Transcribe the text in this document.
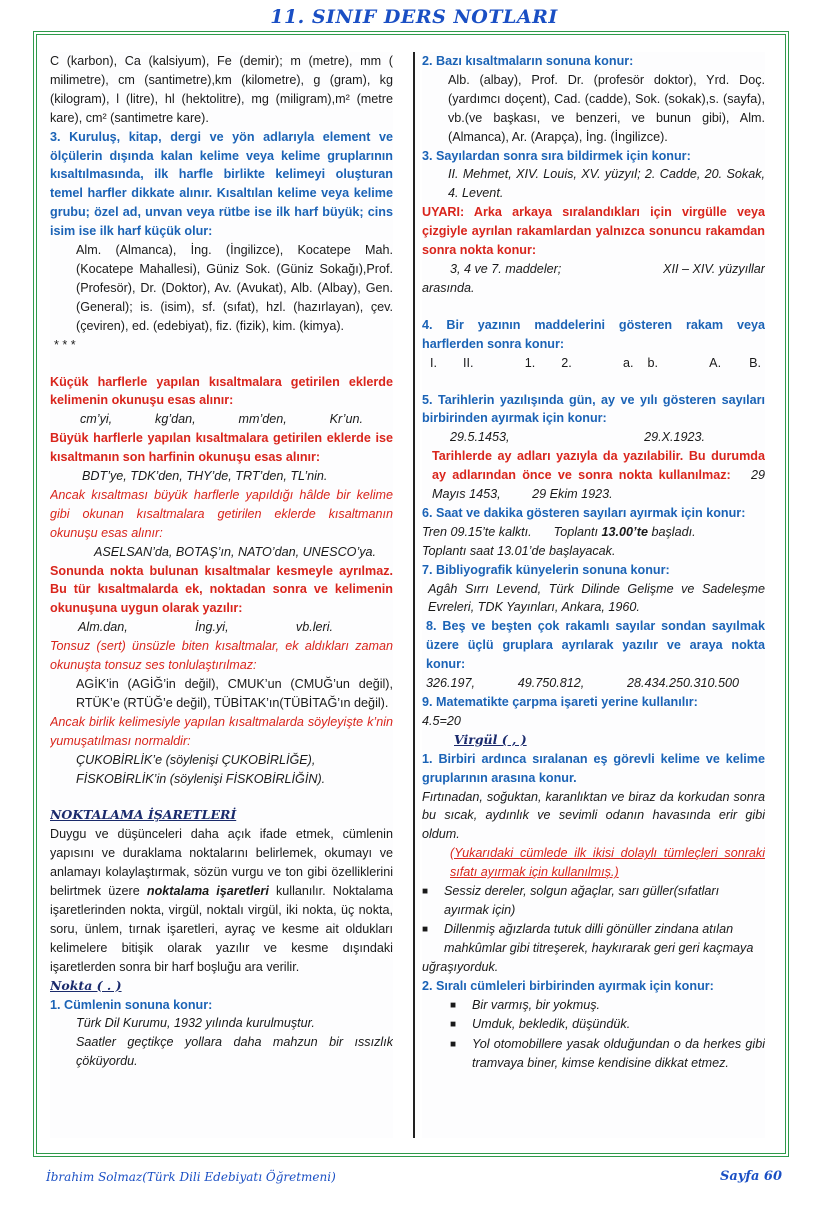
11. SINIF DERS NOTLARI

C (karbon), Ca (kalsiyum), Fe (demir); m (metre), mm ( milimetre), cm (santimetre),km (kilometre), g (gram), kg (kilogram), l (litre), hl (hektolitre), mg (miligram),m² (metre kare), cm² (santimetre kare).

3. Kuruluş, kitap, dergi ve yön adlarıyla element ve ölçülerin dışında kalan kelime veya kelime gruplarının kısaltılmasında, ilk harfle birlikte kelimeyi oluşturan temel harfler dikkate alınır. Kısaltılan kelime veya kelime grubu; özel ad, unvan veya rütbe ise ilk harf büyük; cins isim ise ilk harf küçük olur:

Alm. (Almanca), İng. (İngilizce), Kocatepe Mah. (Kocatepe Mahallesi), Güniz Sok. (Güniz Sokağı),Prof. (Profesör), Dr. (Doktor), Av. (Avukat), Alb. (Albay), Gen. (General); is. (isim), sf. (sıfat), hzl. (hazırlayan), çev. (çeviren), ed. (edebiyat), fiz. (fizik), kim. (kimya).

* * *

Küçük harflerle yapılan kısaltmalara getirilen eklerde kelimenin okunuşu esas alınır:

cm’yi,	kg’dan,	mm’den,	Kr’un.

Büyük harflerle yapılan kısaltmalara getirilen eklerde ise kısaltmanın son harfinin okunuşu esas alınır:

BDT’ye, TDK’den, THY’de, TRT’den, TL’nin.

Ancak kısaltması büyük harflerle yapıldığı hâlde bir kelime gibi okunan kısaltmalara getirilen eklerde kısaltmanın okunuşu esas alınır:

ASELSAN’da, BOTAŞ’ın, NATO’dan, UNESCO’ya.

Sonunda nokta bulunan kısaltmalar kesmeyle ayrılmaz. Bu tür kısaltmalarda ek, noktadan sonra ve kelimenin okunuşuna uygun olarak yazılır:

Alm.dan,	İng.yi,	vb.leri.

Tonsuz (sert) ünsüzle biten kısaltmalar, ek aldıkları zaman okunuşta tonsuz ses tonlulaştırılmaz:

AGİK’in (AGİĞ’in değil), CMUK’un (CMUĞ’un değil), RTÜK’e (RTÜĞ’e değil), TÜBİTAK’ın(TÜBİTAĞ’ın değil).

Ancak birlik kelimesiyle yapılan kısaltmalarda söyleyişte k’nin yumuşatılması normaldir:

ÇUKOBİRLİK’e (söylenişi ÇUKOBİRLİĞE),

FİSKOBİRLİK’in (söylenişi FİSKOBİRLİĞİN).

NOKTALAMA İŞARETLERİ

Duygu ve düşünceleri daha açık ifade etmek, cümlenin yapısını ve duraklama noktalarını belirlemek, okumayı ve anlamayı kolaylaştırmak, sözün vurgu ve ton gibi özelliklerini belirtmek üzere noktalama işaretleri kullanılır. Noktalama işaretlerinden nokta, virgül, noktalı virgül, iki nokta, üç nokta, soru, ünlem, tırnak işaretleri, ayraç ve kesme ait oldukları kelimelere bitişik olarak yazılır ve kesme dışındaki işaretlerden sonra bir harf boşluğu ara verilir.

Nokta ( . )

1. Cümlenin sonuna konur:

Türk Dil Kurumu, 1932 yılında kurulmuştur.

Saatler geçtikçe yollara daha mahzun bir ıssızlık çöküyordu.

2. Bazı kısaltmaların sonuna konur:

Alb. (albay), Prof. Dr. (profesör doktor), Yrd. Doç. (yardımcı doçent), Cad. (cadde), Sok. (sokak),s. (sayfa), vb.(ve başkası, ve benzeri, ve bunun gibi), Alm. (Almanca), Ar. (Arapça), İng. (İngilizce).

3. Sayılardan sonra sıra bildirmek için konur:

II. Mehmet, XIV. Louis, XV. yüzyıl; 2. Cadde, 20. Sokak, 4. Levent.

UYARI: Arka arkaya sıralandıkları için virgülle veya çizgiyle ayrılan rakamlardan yalnızca sonuncu rakamdan sonra nokta konur:

3, 4 ve 7. maddeler;	XII – XIV. yüzyıllar

arasında.

4. Bir yazının maddelerini gösteren rakam veya harflerden sonra konur:

I. II.	1. 2.	a. b.	A. B.

5. Tarihlerin yazılışında gün, ay ve yılı gösteren sayıları birbirinden ayırmak için konur:

29.5.1453,	29.X.1923.

Tarihlerde ay adları yazıyla da yazılabilir. Bu durumda ay adlarından önce ve sonra nokta kullanılmaz: 29 Mayıs 1453,	29 Ekim 1923.

6. Saat ve dakika gösteren sayıları ayırmak için konur:

Tren 09.15’te kalktı. Toplantı 13.00’te başladı.

Toplantı saat 13.01’de başlayacak.

7. Bibliyografik künyelerin sonuna konur:

Agâh Sırrı Levend, Türk Dilinde Gelişme ve Sadeleşme Evreleri, TDK Yayınları, Ankara, 1960.

8. Beş ve beşten çok rakamlı sayılar sondan sayılmak üzere üçlü gruplara ayrılarak yazılır ve araya nokta konur:

326.197,	49.750.812,	28.434.250.310.500

9. Matematikte çarpma işareti yerine kullanılır:

4.5=20

Virgül ( , )

1. Birbiri ardınca sıralanan eş görevli kelime ve kelime gruplarının arasına konur.

Fırtınadan, soğuktan, karanlıktan ve biraz da korkudan sonra bu sıcak, aydınlık ve sevimli odanın havasında erir gibi oldum.

(Yukarıdaki cümlede ilk ikisi dolaylı tümleçleri sonraki sıfatı ayırmak için kullanılmış.)

■	Sessiz dereler, solgun ağaçlar, sarı güller(sıfatları ayırmak için)
■	Dillenmiş ağızlarda tutuk dilli gönüller zindana atılan mahkûmlar gibi titreşerek, haykırarak geri geri kaçmaya

uğraşıyorduk.

2. Sıralı cümleleri birbirinden ayırmak için konur:

■	Bir varmış, bir yokmuş.
■	Umduk, bekledik, düşündük.
■	Yol otomobillere yasak olduğundan o da herkes gibi tramvaya biner, kimse kendisine dikkat etmez.
İbrahim Solmaz(Türk Dili Edebiyatı Öğretmeni)	Sayfa 60
